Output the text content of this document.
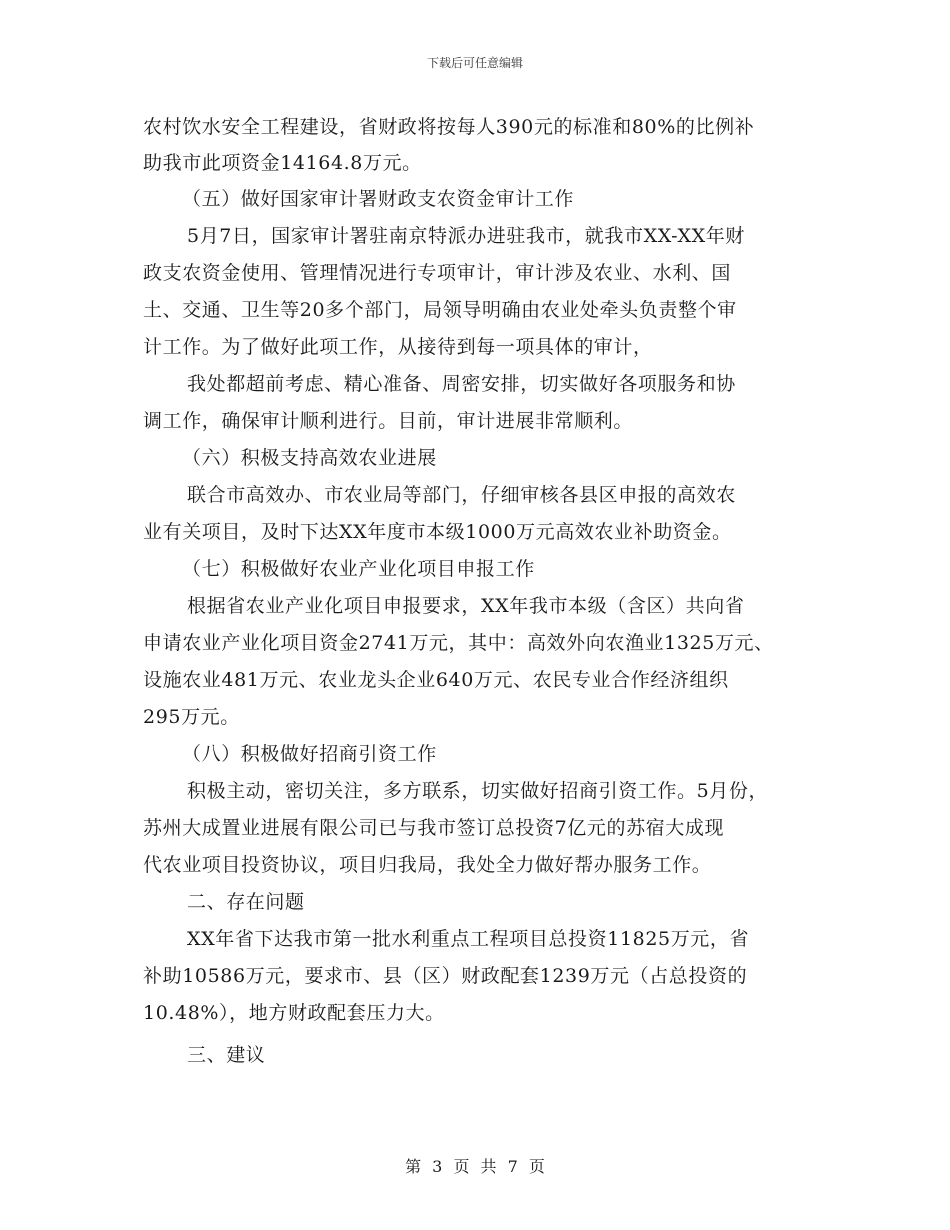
下载后可任意编辑
农村饮水安全工程建设，省财政将按每人390元的标准和80%的比例补
助我市此项资金14164.8万元。
（五）做好国家审计署财政支农资金审计工作
5月7日，国家审计署驻南京特派办进驻我市，就我市XX-XX年财
政支农资金使用、管理情况进行专项审计，审计涉及农业、水利、国
土、交通、卫生等20多个部门，局领导明确由农业处牵头负责整个审
计工作。为了做好此项工作，从接待到每一项具体的审计，
我处都超前考虑、精心准备、周密安排，切实做好各项服务和协
调工作，确保审计顺利进行。目前，审计进展非常顺利。
（六）积极支持高效农业进展
联合市高效办、市农业局等部门，仔细审核各县区申报的高效农
业有关项目，及时下达XX年度市本级1000万元高效农业补助资金。
（七）积极做好农业产业化项目申报工作
根据省农业产业化项目申报要求，XX年我市本级（含区）共向省
申请农业产业化项目资金2741万元，其中：高效外向农渔业1325万元、
设施农业481万元、农业龙头企业640万元、农民专业合作经济组织
295万元。
（八）积极做好招商引资工作
积极主动，密切关注，多方联系，切实做好招商引资工作。5月份，
苏州大成置业进展有限公司已与我市签订总投资7亿元的苏宿大成现
代农业项目投资协议，项目归我局，我处全力做好帮办服务工作。
二、存在问题
XX年省下达我市第一批水利重点工程项目总投资11825万元，省
补助10586万元，要求市、县（区）财政配套1239万元（占总投资的
10.48%），地方财政配套压力大。
三、建议
第 3 页 共 7 页
